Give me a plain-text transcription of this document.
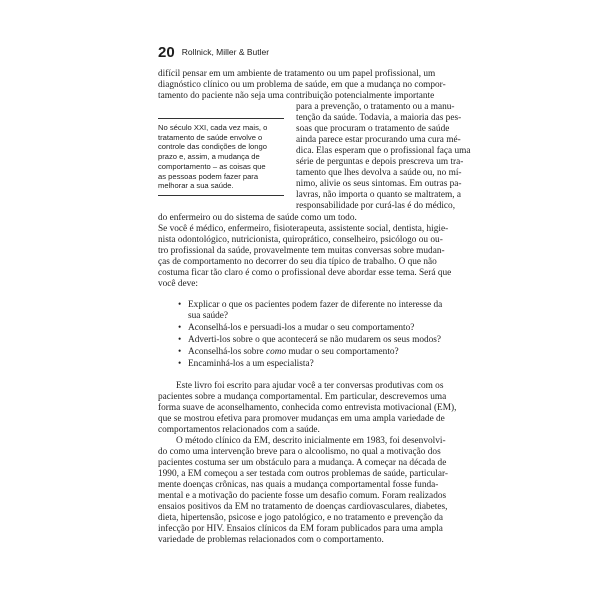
20 Rollnick, Miller & Butler
difícil pensar em um ambiente de tratamento ou um papel profissional, um
diagnóstico clínico ou um problema de saúde, em que a mudança no compor-
tamento do paciente não seja uma contribuição potencialmente importante
para a prevenção, o tratamento ou a manu-
tenção da saúde. Todavia, a maioria das pes-
soas que procuram o tratamento de saúde
ainda parece estar procurando uma cura mé-
dica. Elas esperam que o profissional faça uma
série de perguntas e depois prescreva um tra-
tamento que lhes devolva a saúde ou, no mí-
nimo, alivie os seus sintomas. Em outras pa-
lavras, não importa o quanto se maltratem, a
responsabilidade por curá-las é do médico,
do enfermeiro ou do sistema de saúde como um todo.
Se você é médico, enfermeiro, fisioterapeuta, assistente social, dentista, higie-
nista odontológico, nutricionista, quiroprático, conselheiro, psicólogo ou ou-
tro profissional da saúde, provavelmente tem muitas conversas sobre mudan-
ças de comportamento no decorrer do seu dia típico de trabalho. O que não
costuma ficar tão claro é como o profissional deve abordar esse tema. Será que
você deve:
•
Explicar o que os pacientes podem fazer de diferente no interesse da
sua saúde?
•
Aconselhá-los e persuadi-los a mudar o seu comportamento?
•
Adverti-los sobre o que acontecerá se não mudarem os seus modos?
•
Aconselhá-los sobre como mudar o seu comportamento?
•
Encaminhá-los a um especialista?
Este livro foi escrito para ajudar você a ter conversas produtivas com os
pacientes sobre a mudança comportamental. Em particular, descrevemos uma
forma suave de aconselhamento, conhecida como entrevista motivacional (EM),
que se mostrou efetiva para promover mudanças em uma ampla variedade de
comportamentos relacionados com a saúde.
O método clínico da EM, descrito inicialmente em 1983, foi desenvolvi-
do como uma intervenção breve para o alcoolismo, no qual a motivação dos
pacientes costuma ser um obstáculo para a mudança. A começar na década de
1990, a EM começou a ser testada com outros problemas de saúde, particular-
mente doenças crônicas, nas quais a mudança comportamental fosse funda-
mental e a motivação do paciente fosse um desafio comum. Foram realizados
ensaios positivos da EM no tratamento de doenças cardiovasculares, diabetes,
dieta, hipertensão, psicose e jogo patológico, e no tratamento e prevenção da
infecção por HIV. Ensaios clínicos da EM foram publicados para uma ampla
variedade de problemas relacionados com o comportamento.
No século XXI, cada vez mais, o
tratamento de saúde envolve o
controle das condições de longo
prazo e, assim, a mudança de
comportamento – as coisas que
as pessoas podem fazer para
melhorar a sua saúde.
